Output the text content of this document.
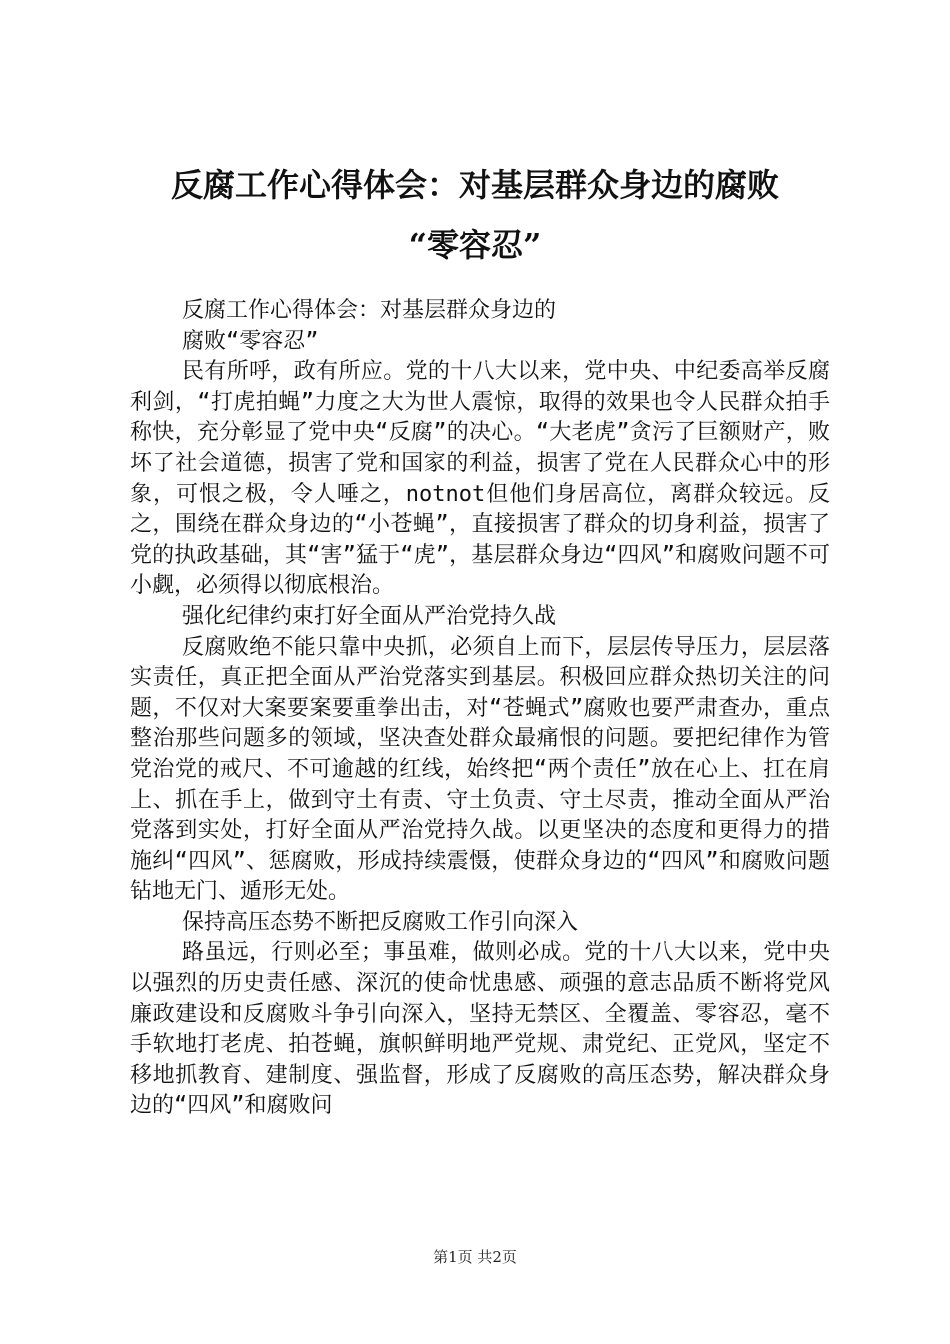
反腐工作心得体会：对基层群众身边的腐败
“零容忍”

反腐工作心得体会：对基层群众身边的

腐败“零容忍”

民有所呼，政有所应。党的十八大以来，党中央、中纪委高举反腐利剑，“打虎拍蝇”力度之大为世人震惊，取得的效果也令人民群众拍手称快，充分彰显了党中央“反腐”的决心。“大老虎”贪污了巨额财产，败坏了社会道德，损害了党和国家的利益，损害了党在人民群众心中的形象，可恨之极，令人唾之，notnot但他们身居高位，离群众较远。反之，围绕在群众身边的“小苍蝇”，直接损害了群众的切身利益，损害了党的执政基础，其“害”猛于“虎”，基层群众身边“四风”和腐败问题不可小觑，必须得以彻底根治。

强化纪律约束打好全面从严治党持久战

反腐败绝不能只靠中央抓，必须自上而下，层层传导压力，层层落实责任，真正把全面从严治党落实到基层。积极回应群众热切关注的问题，不仅对大案要案要重拳出击，对“苍蝇式”腐败也要严肃查办，重点整治那些问题多的领域，坚决查处群众最痛恨的问题。要把纪律作为管党治党的戒尺、不可逾越的红线，始终把“两个责任”放在心上、扛在肩上、抓在手上，做到守土有责、守土负责、守土尽责，推动全面从严治党落到实处，打好全面从严治党持久战。以更坚决的态度和更得力的措施纠“四风”、惩腐败，形成持续震慑，使群众身边的“四风”和腐败问题钻地无门、遁形无处。

保持高压态势不断把反腐败工作引向深入

路虽远，行则必至；事虽难，做则必成。党的十八大以来，党中央以强烈的历史责任感、深沉的使命忧患感、顽强的意志品质不断将党风廉政建设和反腐败斗争引向深入，坚持无禁区、全覆盖、零容忍，毫不手软地打老虎、拍苍蝇，旗帜鲜明地严党规、肃党纪、正党风，坚定不移地抓教育、建制度、强监督，形成了反腐败的高压态势，解决群众身边的“四风”和腐败问

第1页 共2页
